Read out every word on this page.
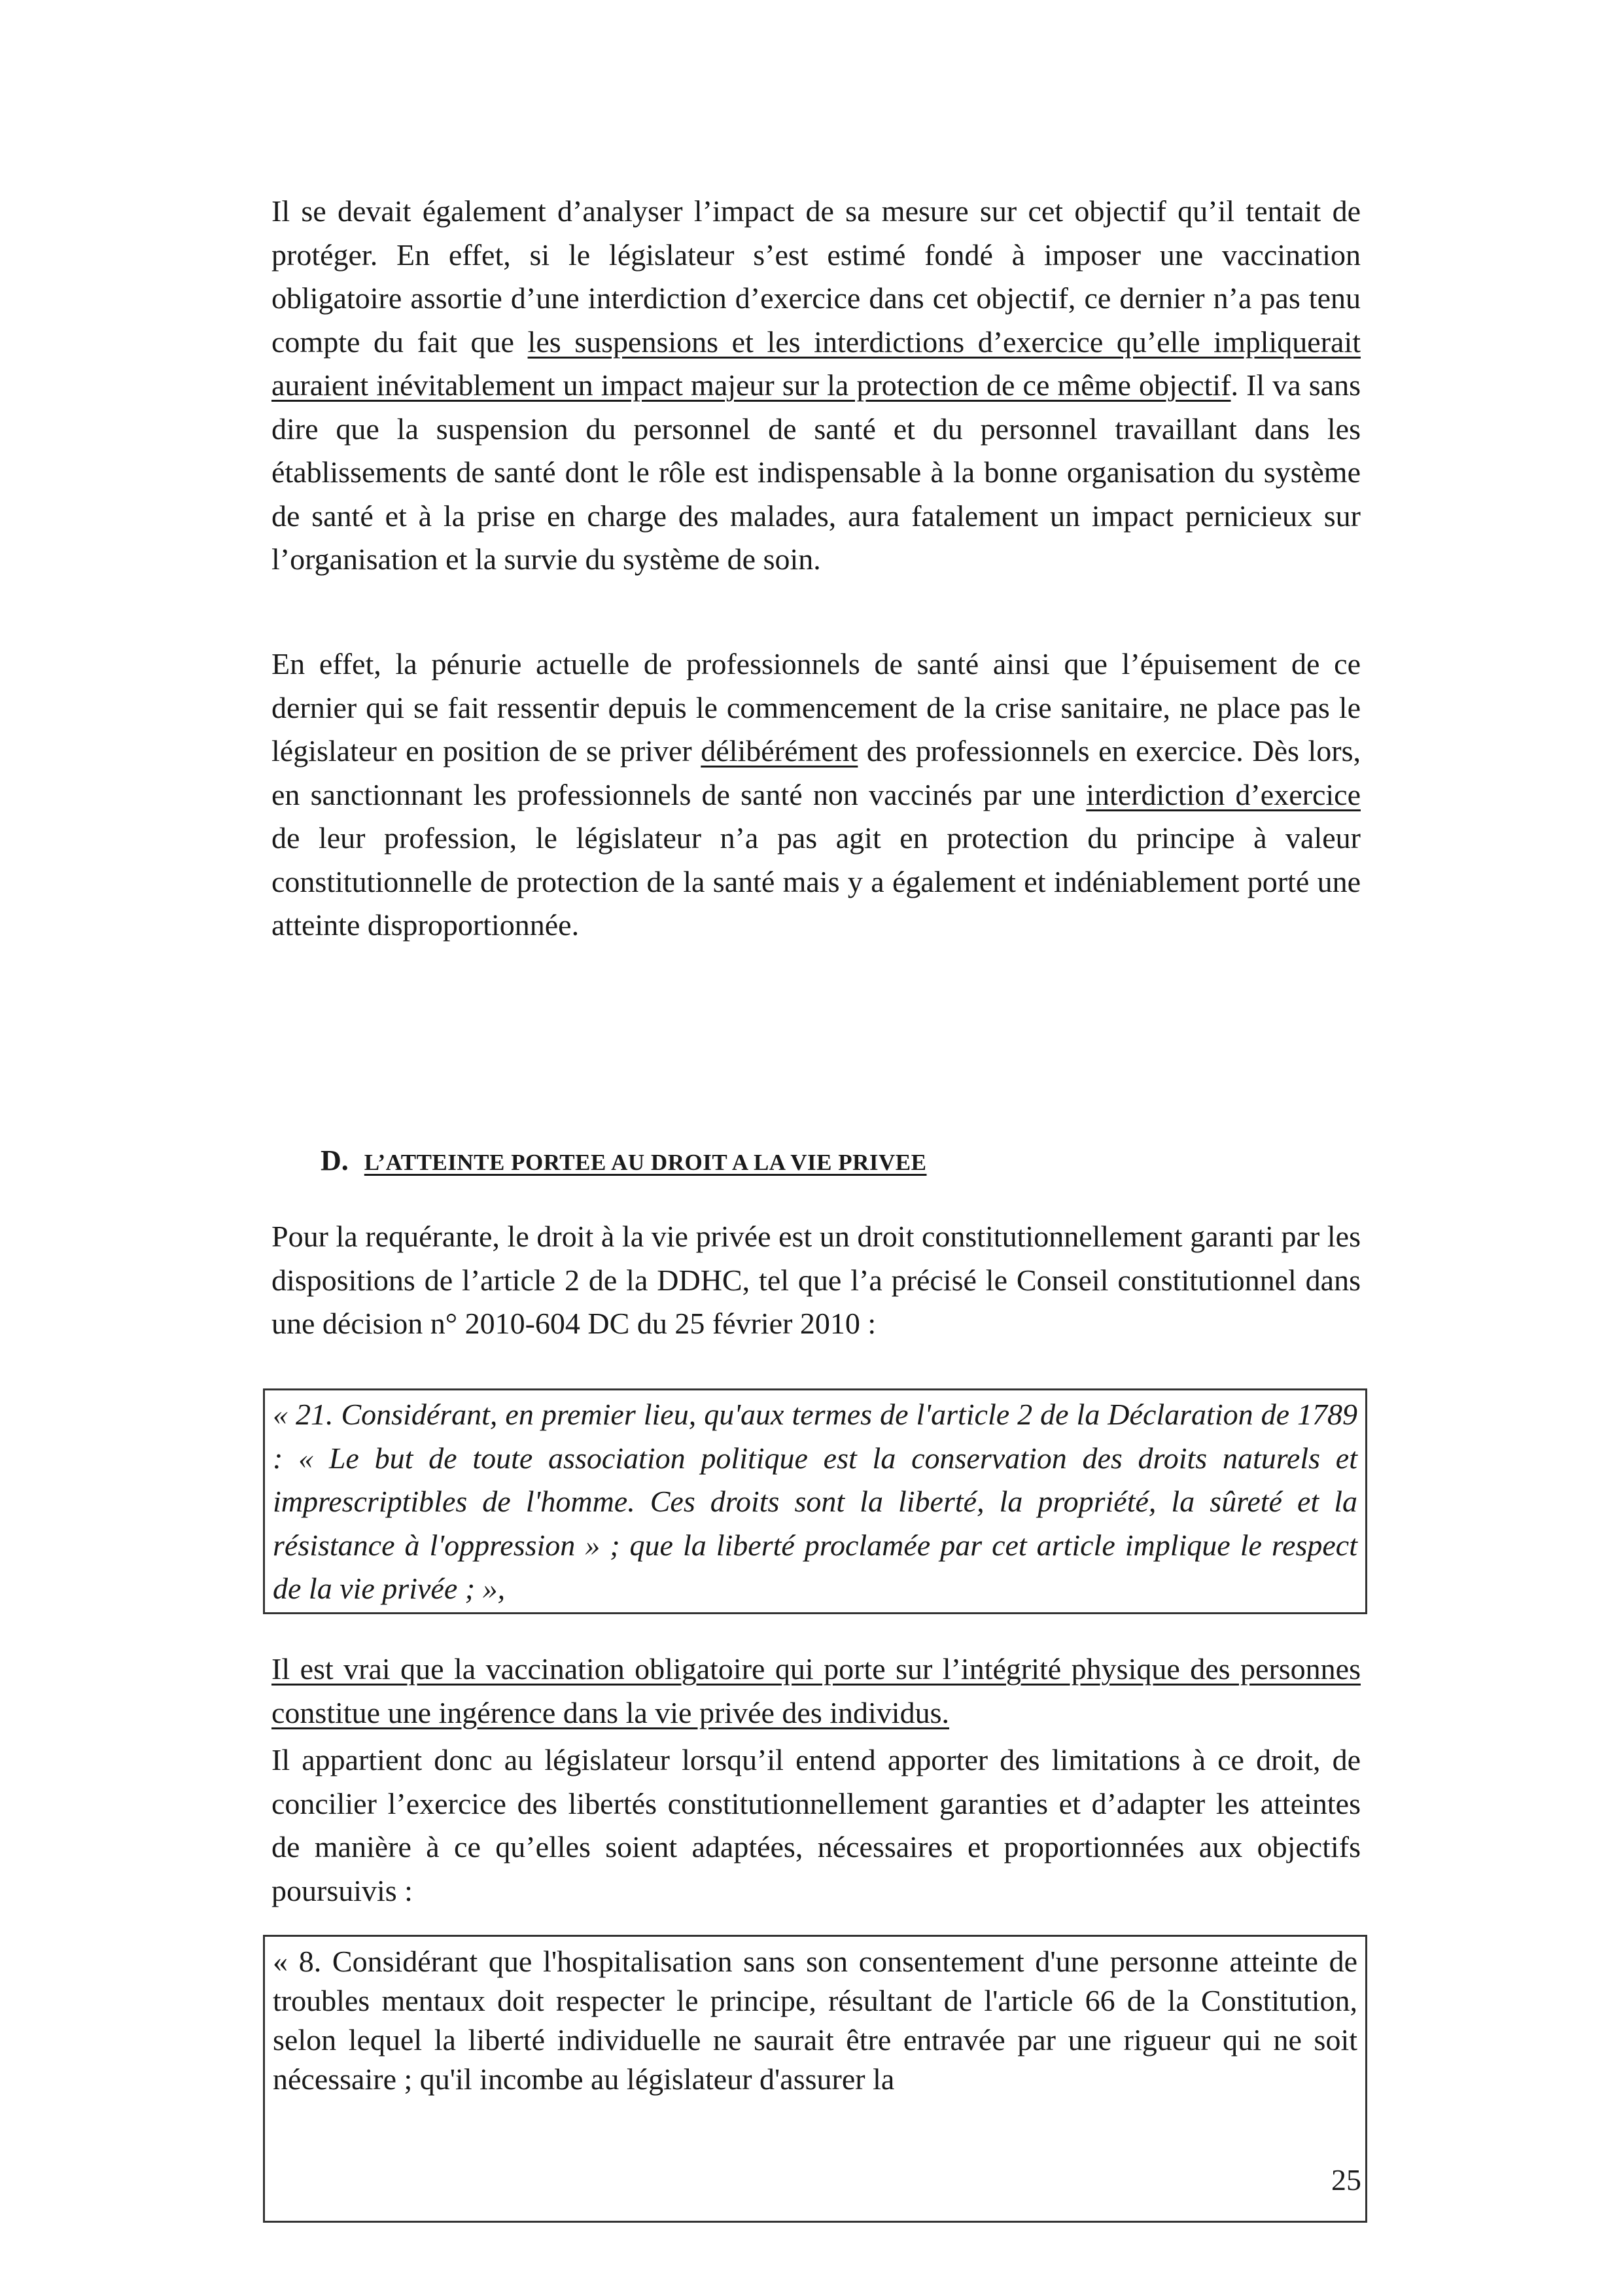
Il se devait également d’analyser l’impact de sa mesure sur cet objectif qu’il tentait de protéger. En effet, si le législateur s’est estimé fondé à imposer une vaccination obligatoire assortie d’une interdiction d’exercice dans cet objectif, ce dernier n’a pas tenu compte du fait que les suspensions et les interdictions d’exercice qu’elle impliquerait auraient inévitablement un impact majeur sur la protection de ce même objectif. Il va sans dire que la suspension du personnel de santé et du personnel travaillant dans les établissements de santé dont le rôle est indispensable à la bonne organisation du système de santé et à la prise en charge des malades, aura fatalement un impact pernicieux sur l’organisation et la survie du système de soin.

En effet, la pénurie actuelle de professionnels de santé ainsi que l’épuisement de ce dernier qui se fait ressentir depuis le commencement de la crise sanitaire, ne place pas le législateur en position de se priver délibérément des professionnels en exercice. Dès lors, en sanctionnant les professionnels de santé non vaccinés par une interdiction d’exercice de leur profession, le législateur n’a pas agit en protection du principe à valeur constitutionnelle de protection de la santé mais y a également et indéniablement porté une atteinte disproportionnée.

D. L’ATTEINTE PORTEE AU DROIT A LA VIE PRIVEE

Pour la requérante, le droit à la vie privée est un droit constitutionnellement garanti par les dispositions de l’article 2 de la DDHC, tel que l’a précisé le Conseil constitutionnel dans une décision n° 2010-604 DC du 25 février 2010 :

« 21. Considérant, en premier lieu, qu'aux termes de l'article 2 de la Déclaration de 1789 : « Le but de toute association politique est la conservation des droits naturels et imprescriptibles de l'homme. Ces droits sont la liberté, la propriété, la sûreté et la résistance à l'oppression » ; que la liberté proclamée par cet article implique le respect de la vie privée ; »,

Il est vrai que la vaccination obligatoire qui porte sur l’intégrité physique des personnes constitue une ingérence dans la vie privée des individus.

Il appartient donc au législateur lorsqu’il entend apporter des limitations à ce droit, de concilier l’exercice des libertés constitutionnellement garanties et d’adapter les atteintes de manière à ce qu’elles soient adaptées, nécessaires et proportionnées aux objectifs poursuivis :

« 8. Considérant que l'hospitalisation sans son consentement d'une personne atteinte de troubles mentaux doit respecter le principe, résultant de l'article 66 de la Constitution, selon lequel la liberté individuelle ne saurait être entravée par une rigueur qui ne soit nécessaire ; qu'il incombe au législateur d'assurer la

25
